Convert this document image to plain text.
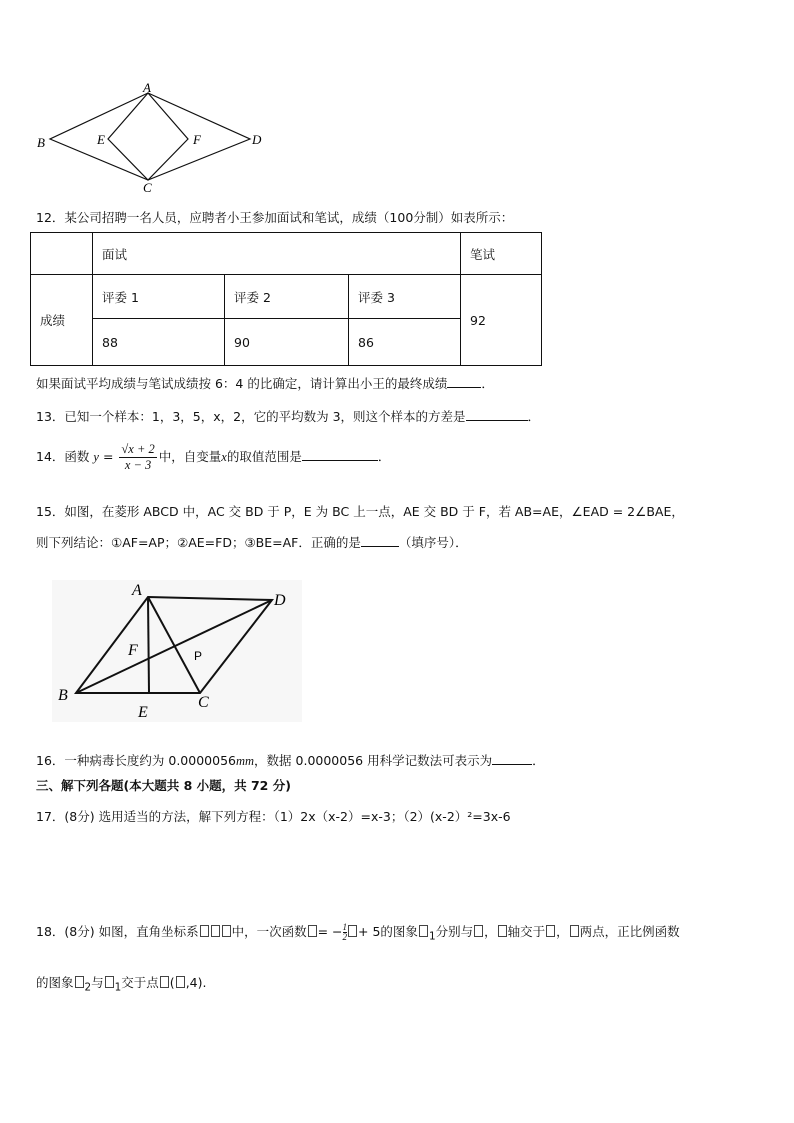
A
B
C
D
E	F
12．某公司招聘一名人员，应聘者小王参加面试和笔试，成绩（100分制）如表所示：
	面试			笔试
成绩	评委 1	评委 2	评委 3	92
	88	90	86	
如果面试平均成绩与笔试成绩按 6：4 的比确定，请计算出小王的最终成绩	．
13．已知一个样本：1，3，5，x，2，它的平均数为 3，则这个样本的方差是	．
14．函数 $y = \frac{√x + 2}{x - 3}$ 中，自变量x的取值范围是	．
15．如图，在菱形 ABCD 中，AC 交 BD 于 P，E 为 BC 上一点，AE 交 BD 于 F，若 AB=AE，∠EAD = 2∠BAE，
则下列结论：①AF=AP；②AE=FD；③BE=AF．正确的是	（填序号）．
A
D
F	P
B
E
C
16．一种病毒长度约为 0.0000056mm，数据 0.0000056 用科学记数法可表示为	．
三、解下列各题(本大题共 8 小题，共 72 分)
17．(8分) 选用适当的方法，解下列方程：（1）2x（x-2）=x-3；（2）(x-2）²=3x-6
18．(8分) 如图，直角坐标系	中，一次函数 = − $\frac{1}{2} + 5$的图象 $_1$分别与 ， 轴交于 ， 两点，正比例函数
的图象 $_2$与 $_1$交于点 ( ,4).
